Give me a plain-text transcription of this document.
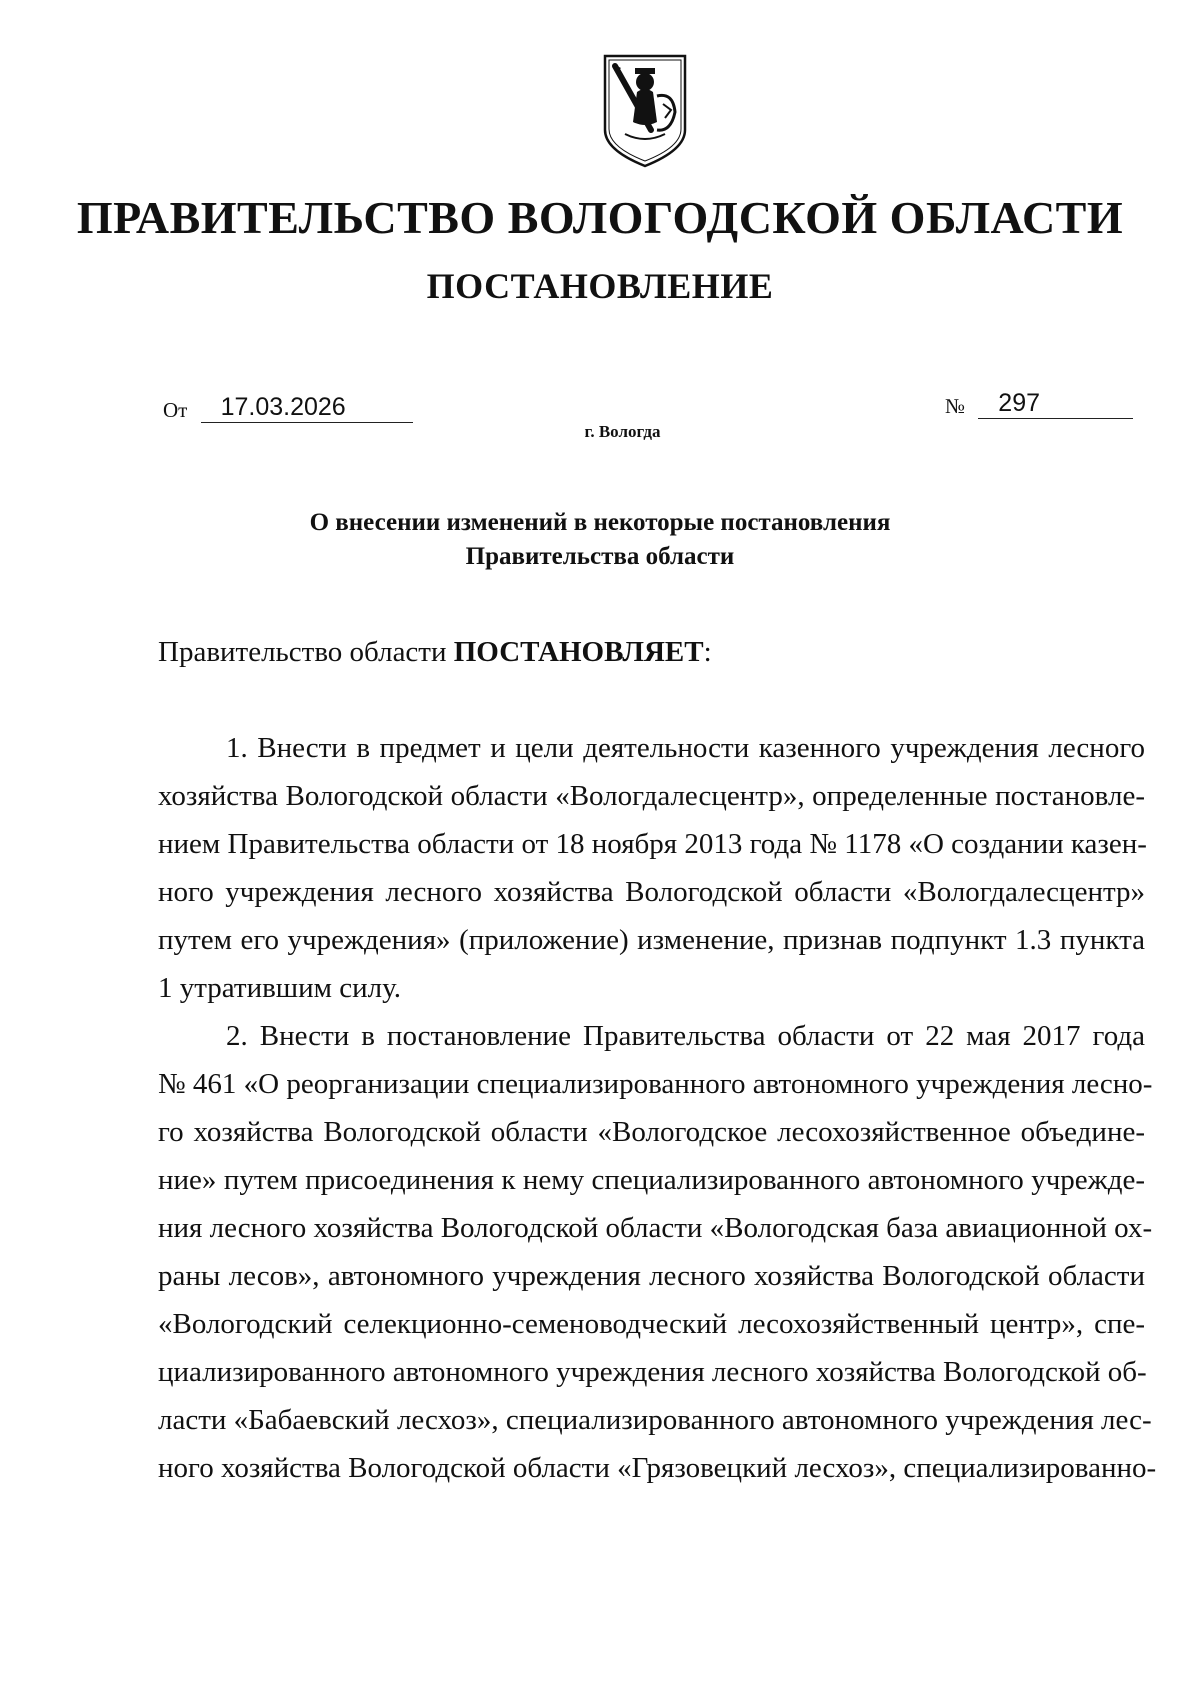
ПРАВИТЕЛЬСТВО ВОЛОГОДСКОЙ ОБЛАСТИ
ПОСТАНОВЛЕНИЕ
От 17.03.2026	№ 297
г. Вологда
О внесении изменений в некоторые постановления
Правительства области
Правительство области ПОСТАНОВЛЯЕТ:
1. Внести в предмет и цели деятельности казенного учреждения лесного
хозяйства Вологодской области «Вологдалесцентр», определенные постановле-
нием Правительства области от 18 ноября 2013 года № 1178 «О создании казен-
ного учреждения лесного хозяйства Вологодской области «Вологдалесцентр»
путем его учреждения» (приложение) изменение, признав подпункт 1.3 пункта
1 утратившим силу.
2. Внести в постановление Правительства области от 22 мая 2017 года
№ 461 «О реорганизации специализированного автономного учреждения лесно-
го хозяйства Вологодской области «Вологодское лесохозяйственное объедине-
ние» путем присоединения к нему специализированного автономного учрежде-
ния лесного хозяйства Вологодской области «Вологодская база авиационной ох-
раны лесов», автономного учреждения лесного хозяйства Вологодской области
«Вологодский селекционно-семеноводческий лесохозяйственный центр», спе-
циализированного автономного учреждения лесного хозяйства Вологодской об-
ласти «Бабаевский лесхоз», специализированного автономного учреждения лес-
ного хозяйства Вологодской области «Грязовецкий лесхоз», специализированно-
